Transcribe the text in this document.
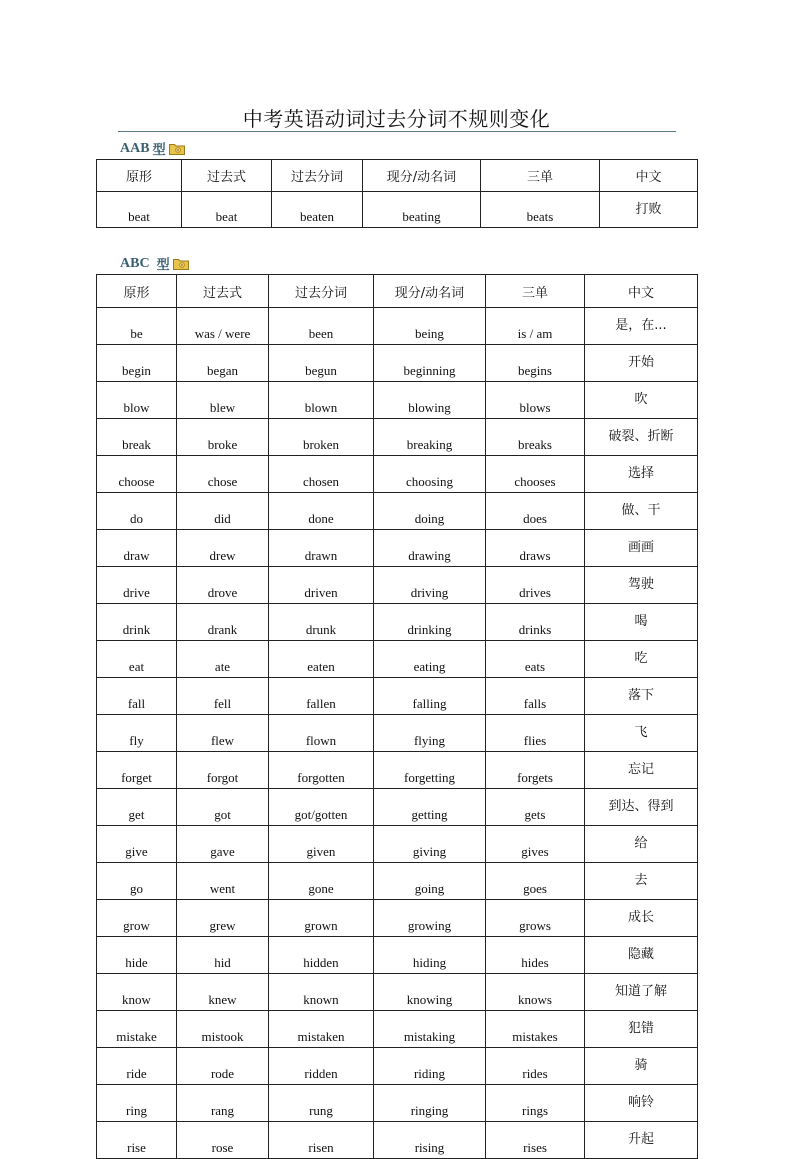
中考英语动词过去分词不规则变化
AAB 型
原形	过去式	过去分词	现分/动名词	三单	中文
beat	beat	beaten	beating	beats	打败
ABC 型
原形	过去式	过去分词	现分/动名词	三单	中文
be	was / were	been	being	is / am	是，在...
begin	began	begun	beginning	begins	开始
blow	blew	blown	blowing	blows	吹
break	broke	broken	breaking	breaks	破裂、折断
choose	chose	chosen	choosing	chooses	选择
do	did	done	doing	does	做、干
draw	drew	drawn	drawing	draws	画画
drive	drove	driven	driving	drives	驾驶
drink	drank	drunk	drinking	drinks	喝
eat	ate	eaten	eating	eats	吃
fall	fell	fallen	falling	falls	落下
fly	flew	flown	flying	flies	飞
forget	forgot	forgotten	forgetting	forgets	忘记
get	got	got/gotten	getting	gets	到达、得到
give	gave	given	giving	gives	给
go	went	gone	going	goes	去
grow	grew	grown	growing	grows	成长
hide	hid	hidden	hiding	hides	隐藏
know	knew	known	knowing	knows	知道了解
mistake	mistook	mistaken	mistaking	mistakes	犯错
ride	rode	ridden	riding	rides	骑
ring	rang	rung	ringing	rings	响铃
rise	rose	risen	rising	rises	升起
